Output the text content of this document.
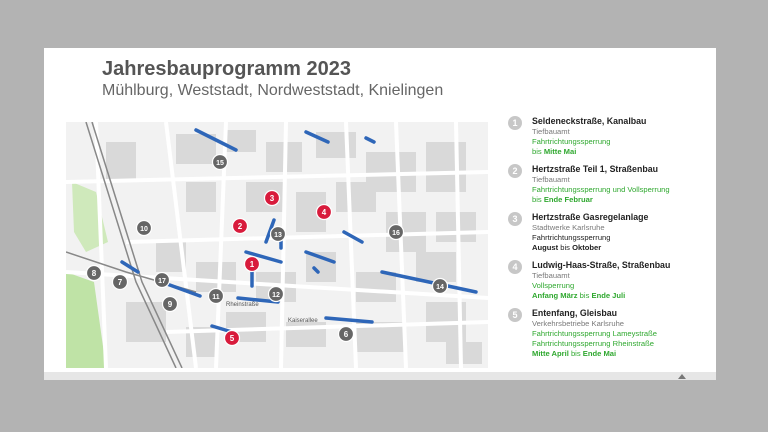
Jahresbauprogramm 2023
Mühlburg, Weststadt, Nordweststadt, Knielingen
Rheinstraße
Kaiserallee
1
2
3
4
5	6
7
8
9
10
11	12
13
14
15
16
17
1	Seldeneckstraße, Kanalbau
Tiefbauamt
Fahrtrichtungssperrung
bis Mitte Mai
2	Hertzstraße Teil 1, Straßenbau
Tiefbauamt
Fahrtrichtungssperrung und Vollsperrung
bis Ende Februar
3	Hertzstraße Gasregelanlage
Stadtwerke Karlsruhe
Fahrtrichtungssperrung
August bis Oktober
4	Ludwig-Haas-Straße, Straßenbau
Tiefbauamt
Vollsperrung
Anfang März bis Ende Juli
5	Entenfang, Gleisbau
Verkehrsbetriebe Karlsruhe
Fahrtrichtungssperrung Lameystraße
Fahrtrichtungssperrung Rheinstraße
Mitte April bis Ende Mai
